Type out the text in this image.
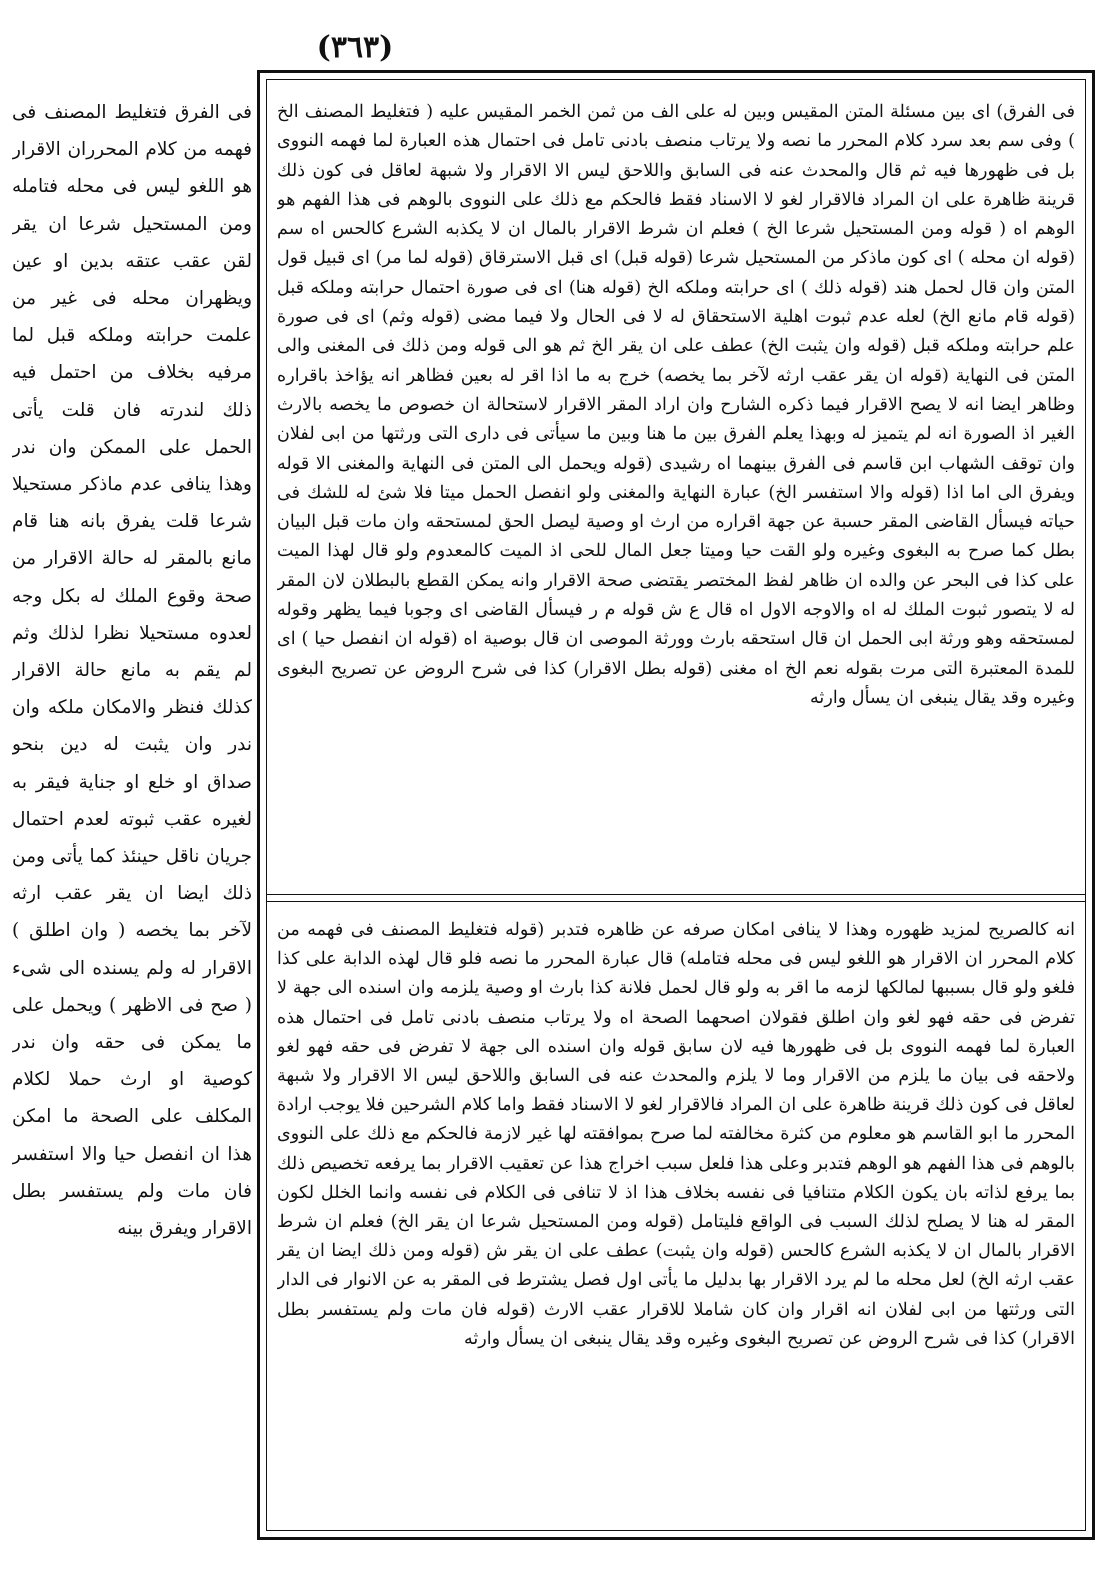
(٣٦٣)

فى الفرق فتغليط المصنف فى فهمه من كلام المحرران الاقرار هو اللغو ليس فى محله فتامله ومن المستحيل شرعا ان يقر لقن عقب عتقه بدين او عين ويظهران محله فى غير من علمت حرابته وملكه قبل لما مرفيه بخلاف من احتمل فيه ذلك لندرته فان قلت يأتى الحمل على الممكن وان ندر وهذا ينافى عدم ماذكر مستحيلا شرعا قلت يفرق بانه هنا قام مانع بالمقر له حالة الاقرار من صحة وقوع الملك له بكل وجه لعدوه مستحيلا نظرا لذلك وثم لم يقم به مانع حالة الاقرار كذلك فنظر والامكان ملكه وان ندر وان يثبت له دين بنحو صداق او خلع او جناية فيقر به لغيره عقب ثبوته لعدم احتمال جريان ناقل حينئذ كما يأتى ومن ذلك ايضا ان يقر عقب ارثه لآخر بما يخصه ( وان اطلق ) الاقرار له ولم يسنده الى شىء ( صح فى الاظهر ) ويحمل على ما يمكن فى حقه وان ندر كوصية او ارث حملا لكلام المكلف على الصحة ما امكن هذا ان انفصل حيا والا استفسر فان مات ولم يستفسر بطل الاقرار ويفرق بينه

فى الفرق) اى بين مسئلة المتن المقيس وبين له على الف من ثمن الخمر المقيس عليه ( فتغليط المصنف الخ ) وفى سم بعد سرد كلام المحرر ما نصه ولا يرتاب منصف بادنى تامل فى احتمال هذه العبارة لما فهمه النووى بل فى ظهورها فيه ثم قال والمحدث عنه فى السابق واللاحق ليس الا الاقرار ولا شبهة لعاقل فى كون ذلك قرينة ظاهرة على ان المراد فالاقرار لغو لا الاسناد فقط فالحكم مع ذلك على النووى بالوهم فى هذا الفهم هو الوهم اه ( قوله ومن المستحيل شرعا الخ ) فعلم ان شرط الاقرار بالمال ان لا يكذبه الشرع كالحس اه سم (قوله ان محله ) اى كون ماذكر من المستحيل شرعا (قوله قبل) اى قبل الاسترقاق (قوله لما مر) اى قبيل قول المتن وان قال لحمل هند (قوله ذلك ) اى حرابته وملكه الخ (قوله هنا) اى فى صورة احتمال حرابته وملكه قبل (قوله قام مانع الخ) لعله عدم ثبوت اهلية الاستحقاق له لا فى الحال ولا فيما مضى (قوله وثم) اى فى صورة علم حرابته وملكه قبل (قوله وان يثبت الخ) عطف على ان يقر الخ ثم هو الى قوله ومن ذلك فى المغنى والى المتن فى النهاية (قوله ان يقر عقب ارثه لآخر بما يخصه) خرج به ما اذا اقر له بعين فظاهر انه يؤاخذ باقراره وظاهر ايضا انه لا يصح الاقرار فيما ذكره الشارح وان اراد المقر الاقرار لاستحالة ان خصوص ما يخصه بالارث الغير اذ الصورة انه لم يتميز له وبهذا يعلم الفرق بين ما هنا وبين ما سيأتى فى دارى التى ورثتها من ابى لفلان وان توقف الشهاب ابن قاسم فى الفرق بينهما اه رشيدى (قوله ويحمل الى المتن فى النهاية والمغنى الا قوله ويفرق الى اما اذا (قوله والا استفسر الخ) عبارة النهاية والمغنى ولو انفصل الحمل ميتا فلا شئ له للشك فى حياته فيسأل القاضى المقر حسبة عن جهة اقراره من ارث او وصية ليصل الحق لمستحقه وان مات قبل البيان بطل كما صرح به البغوى وغيره ولو القت حيا وميتا جعل المال للحى اذ الميت كالمعدوم ولو قال لهذا الميت على كذا فى البحر عن والده ان ظاهر لفظ المختصر يقتضى صحة الاقرار وانه يمكن القطع بالبطلان لان المقر له لا يتصور ثبوت الملك له اه والاوجه الاول اه قال ع ش قوله م ر فيسأل القاضى اى وجوبا فيما يظهر وقوله لمستحقه وهو ورثة ابى الحمل ان قال استحقه بارث وورثة الموصى ان قال بوصية اه (قوله ان انفصل حيا ) اى للمدة المعتبرة التى مرت بقوله نعم الخ اه مغنى (قوله بطل الاقرار) كذا فى شرح الروض عن تصريح البغوى وغيره وقد يقال ينبغى ان يسأل وارثه

انه كالصريح لمزيد ظهوره وهذا لا ينافى امكان صرفه عن ظاهره فتدبر (قوله فتغليط المصنف فى فهمه من كلام المحرر ان الاقرار هو اللغو ليس فى محله فتامله) قال عبارة المحرر ما نصه فلو قال لهذه الدابة على كذا فلغو ولو قال بسببها لمالكها لزمه ما اقر به ولو قال لحمل فلانة كذا بارث او وصية يلزمه وان اسنده الى جهة لا تفرض فى حقه فهو لغو وان اطلق فقولان اصحهما الصحة اه ولا يرتاب منصف بادنى تامل فى احتمال هذه العبارة لما فهمه النووى بل فى ظهورها فيه لان سابق قوله وان اسنده الى جهة لا تفرض فى حقه فهو لغو ولاحقه فى بيان ما يلزم من الاقرار وما لا يلزم والمحدث عنه فى السابق واللاحق ليس الا الاقرار ولا شبهة لعاقل فى كون ذلك قرينة ظاهرة على ان المراد فالاقرار لغو لا الاسناد فقط واما كلام الشرحين فلا يوجب ارادة المحرر ما ابو القاسم هو معلوم من كثرة مخالفته لما صرح بموافقته لها غير لازمة فالحكم مع ذلك على النووى بالوهم فى هذا الفهم هو الوهم فتدبر وعلى هذا فلعل سبب اخراج هذا عن تعقيب الاقرار بما يرفعه تخصيص ذلك بما يرفع لذاته بان يكون الكلام متنافيا فى نفسه بخلاف هذا اذ لا تنافى فى الكلام فى نفسه وانما الخلل لكون المقر له هنا لا يصلح لذلك السبب فى الواقع فليتامل (قوله ومن المستحيل شرعا ان يقر الخ) فعلم ان شرط الاقرار بالمال ان لا يكذبه الشرع كالحس (قوله وان يثبت) عطف على ان يقر ش (قوله ومن ذلك ايضا ان يقر عقب ارثه الخ) لعل محله ما لم يرد الاقرار بها بدليل ما يأتى اول فصل يشترط فى المقر به عن الانوار فى الدار التى ورثتها من ابى لفلان انه اقرار وان كان شاملا للاقرار عقب الارث (قوله فان مات ولم يستفسر بطل الاقرار) كذا فى شرح الروض عن تصريح البغوى وغيره وقد يقال ينبغى ان يسأل وارثه
